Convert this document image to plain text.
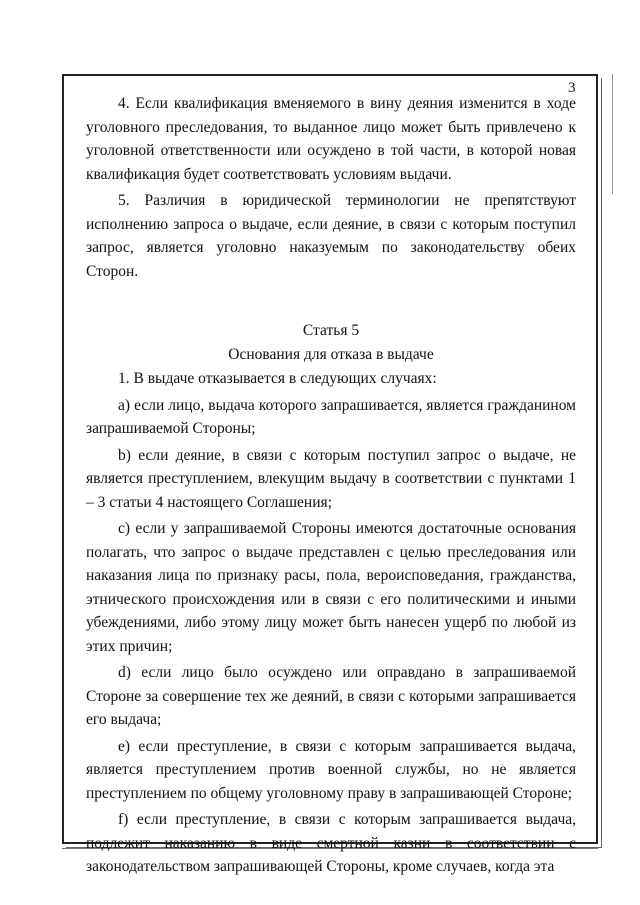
3

4. Если квалификация вменяемого в вину деяния изменится в ходе уголовного преследования, то выданное лицо может быть привлечено к уголовной ответственности или осуждено в той части, в которой новая квалификация будет соответствовать условиям выдачи.

5. Различия в юридической терминологии не препятствуют исполнению запроса о выдаче, если деяние, в связи с которым поступил запрос, является уголовно наказуемым по законодательству обеих Сторон.

Статья 5

Основания для отказа в выдаче

1. В выдаче отказывается в следующих случаях:

а) если лицо, выдача которого запрашивается, является гражданином запрашиваемой Стороны;

b) если деяние, в связи с которым поступил запрос о выдаче, не является преступлением, влекущим выдачу в соответствии с пунктами 1 – 3 статьи 4 настоящего Соглашения;

с) если у запрашиваемой Стороны имеются достаточные основания полагать, что запрос о выдаче представлен с целью преследования или наказания лица по признаку расы, пола, вероисповедания, гражданства, этнического происхождения или в связи с его политическими и иными убеждениями, либо этому лицу может быть нанесен ущерб по любой из этих причин;

d) если лицо было осуждено или оправдано в запрашиваемой Стороне за совершение тех же деяний, в связи с которыми запрашивается его выдача;

е) если преступление, в связи с которым запрашивается выдача, является преступлением против военной службы, но не является преступлением по общему уголовному праву в запрашивающей Стороне;

f) если преступление, в связи с которым запрашивается выдача, подлежит наказанию в виде смертной казни в соответствии с законодательством запрашивающей Стороны, кроме случаев, когда эта
